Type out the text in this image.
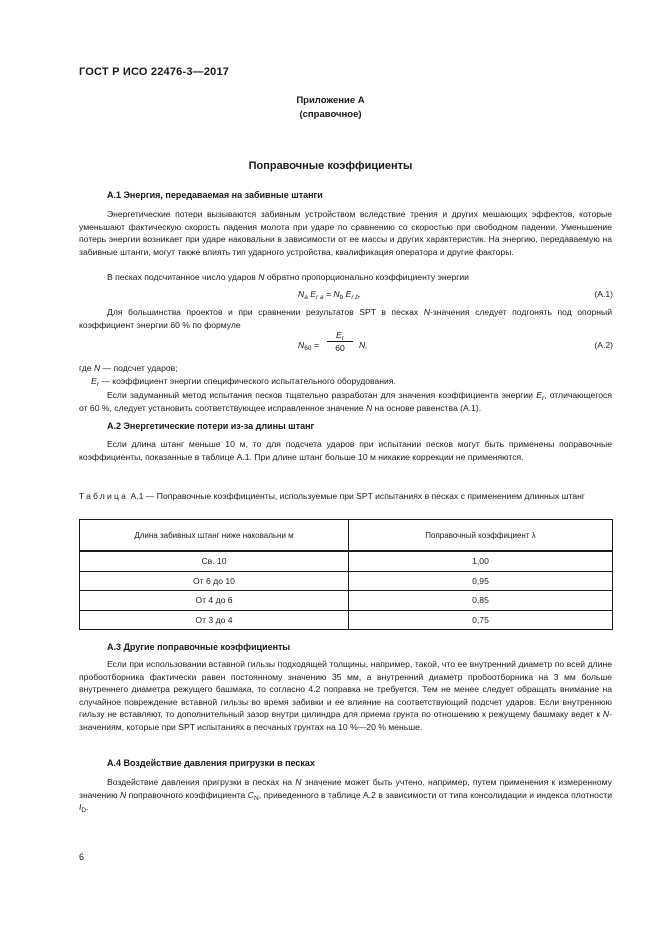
ГОСТ Р ИСО 22476-3—2017
Приложение А
(справочное)
Поправочные коэффициенты
А.1 Энергия, передаваемая на забивные штанги

Энергетические потери вызываются забивным устройством вследствие трения и других мешающих эффектов, которые уменьшают фактическую скорость падения молота при ударе по сравнению со скоростью при свободном падении. Уменьшение потерь энергии возникает при ударе наковальни в зависимости от ее массы и других характеристик. На энергию, передаваемую на забивные штанги, могут также влиять тип ударного устройства, квалификация оператора и другие факторы.

В песках подсчитанное число ударов N обратно пропорционально коэффициенту энергии

$N_a$ $E_{r a} = N_b$ $E_{r b}$.	(А.1)

Для большинства проектов и при сравнении результатов SPT в песках N-значения следует подгонять под опорный коэффициент энергии 60 % по формуле

$N_{60}$ =	N,	(А.2)
$E_r$
60
где N — подсчет ударов;
$E_r$ — коэффициент энергии специфического испытательного оборудования.

Если задуманный метод испытания песков тщательно разработан для значения коэффициента энергии $E_r$, отличающегося от 60 %, следует установить соответствующее исправленное значение N на основе равенства (А.1).

А.2 Энергетические потери из-за длины штанг

Если длина штанг меньше 10 м, то для подсчета ударов при испытании песков могут быть применены поправочные коэффициенты, показанные в таблице А.1. При длине штанг больше 10 м никакие коррекции не применяются.

Таблица А.1 — Поправочные коэффициенты, используемые при SPT испытаниях в песках с применением длинных штанг
Длина забивных штанг ниже наковальни м	Поправочный коэффициент λ
Св. 10	1,00
От 6 до 10	0,95
От 4 до 6	0,85
От 3 до 4	0,75
А.3 Другие поправочные коэффициенты

Если при использовании вставной гильзы подходящей толщины, например, такой, что ее внутренний диаметр по всей длине пробоотборника фактически равен постоянному значению 35 мм, а внутренний диаметр пробоотборника на 3 мм больше внутреннего диаметра режущего башмака, то согласно 4.2 поправка не требуется. Тем не менее следует обращать внимание на случайное повреждение вставной гильзы во время забивки и ее влияние на соответствующий подсчет ударов. Если внутреннюю гильзу не вставляют, то дополнительный зазор внутри цилиндра для приема грунта по отношению к режущему башмаку ведет к N-значениям, которые при SPT испытаниях в песчаных грунтах на 10 %—20 % меньше.

А.4 Воздействие давления пригрузки в песках

Воздействие давления пригрузки в песках на N значение может быть учтено, например, путем применения к измеренному значению N поправочного коэффициента $C_N$, приведенного в таблице А.2 в зависимости от типа консолидации и индекса плотности $I_D$.

6
